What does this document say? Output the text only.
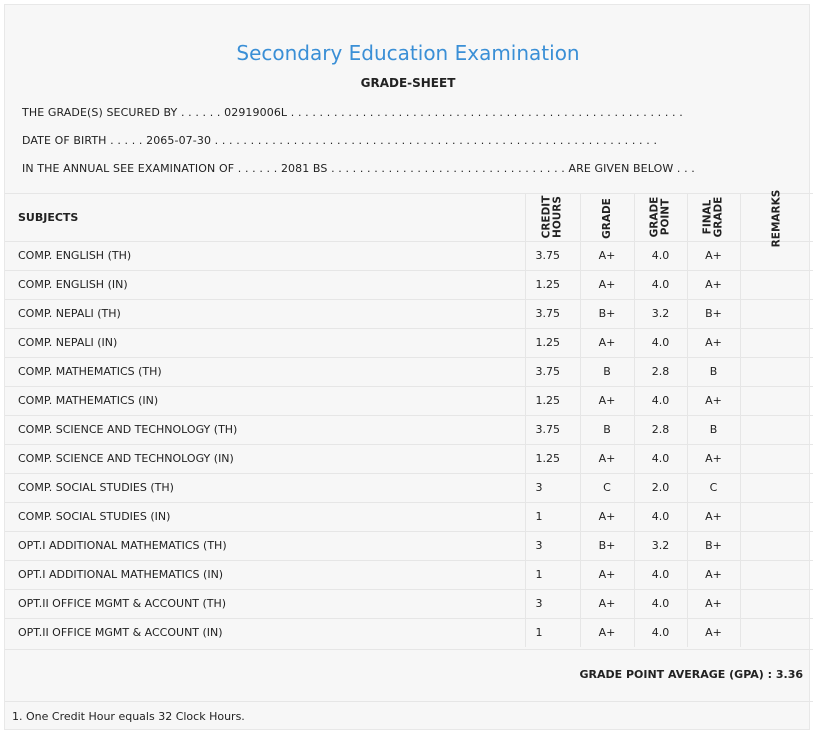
Secondary Education Examination
GRADE-SHEET
THE GRADE(S) SECURED BY . . . . . . 02919006L . . . . . . . . . . . . . . . . . . . . . . . . . . . . . . . . . . . . . . . . . . . . . . . . . . . . . . .
DATE OF BIRTH . . . . . 2065-07-30 . . . . . . . . . . . . . . . . . . . . . . . . . . . . . . . . . . . . . . . . . . . . . . . . . . . . . . . . . . . . . .
IN THE ANNUAL SEE EXAMINATION OF . . . . . . 2081 BS . . . . . . . . . . . . . . . . . . . . . . . . . . . . . . . . . ARE GIVEN BELOW . . .
SUBJECTS	CREDIT HOURS	GRADE	GRADE POINT	FINAL GRADE	REMARKS

COMP. ENGLISH (TH)	3.75	A+	4.0	A+	
COMP. ENGLISH (IN)	1.25	A+	4.0	A+	
COMP. NEPALI (TH)	3.75	B+	3.2	B+	
COMP. NEPALI (IN)	1.25	A+	4.0	A+	
COMP. MATHEMATICS (TH)	3.75	B	2.8	B	
COMP. MATHEMATICS (IN)	1.25	A+	4.0	A+	
COMP. SCIENCE AND TECHNOLOGY (TH)	3.75	B	2.8	B	
COMP. SCIENCE AND TECHNOLOGY (IN)	1.25	A+	4.0	A+	
COMP. SOCIAL STUDIES (TH)	3	C	2.0	C	
COMP. SOCIAL STUDIES (IN)	1	A+	4.0	A+	
OPT.I ADDITIONAL MATHEMATICS (TH)	3	B+	3.2	B+	
OPT.I ADDITIONAL MATHEMATICS (IN)	1	A+	4.0	A+	
OPT.II OFFICE MGMT & ACCOUNT (TH)	3	A+	4.0	A+	
OPT.II OFFICE MGMT & ACCOUNT (IN)	1	A+	4.0	A+	
GRADE POINT AVERAGE (GPA) : 3.36
1. One Credit Hour equals 32 Clock Hours.
